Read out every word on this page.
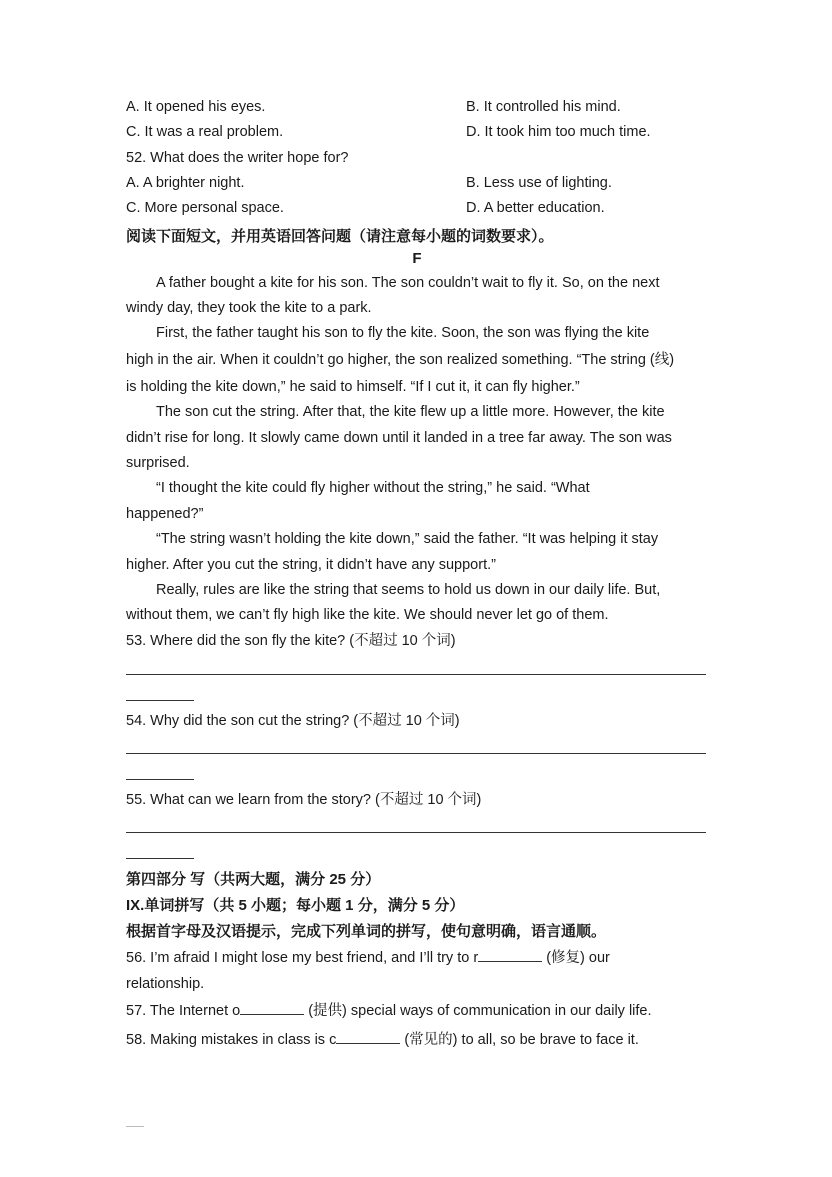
A. It opened his eyes.	B. It controlled his mind.
C. It was a real problem.	D. It took him too much time.
52. What does the writer hope for?
A. A brighter night.	B. Less use of lighting.
C. More personal space.	D. A better education.
阅读下面短文，并用英语回答问题（请注意每小题的词数要求）。
F
A father bought a kite for his son. The son couldn’t wait to fly it. So, on the next
windy day, they took the kite to a park.
First, the father taught his son to fly the kite. Soon, the son was flying the kite
high in the air. When it couldn’t go higher, the son realized something. “The string (线)
is holding the kite down,” he said to himself. “If I cut it, it can fly higher.”
The son cut the string. After that, the kite flew up a little more. However, the kite
didn’t rise for long. It slowly came down until it landed in a tree far away. The son was
surprised.
“I thought the kite could fly higher without the string,” he said. “What
happened?”
“The string wasn’t holding the kite down,” said the father. “It was helping it stay
higher. After you cut the string, it didn’t have any support.”
Really, rules are like the string that seems to hold us down in our daily life. But,
without them, we can’t fly high like the kite. We should never let go of them.
53. Where did the son fly the kite? (不超过 10 个词)
54. Why did the son cut the string? (不超过 10 个词)
55. What can we learn from the story? (不超过 10 个词)
第四部分 写（共两大题，满分 25 分）
IX.单词拼写（共 5 小题；每小题 1 分，满分 5 分）
根据首字母及汉语提示，完成下列单词的拼写，使句意明确，语言通顺。
56. I’m afraid I might lose my best friend, and I’ll try to r	(修复) our
relationship.
57. The Internet o	(提供) special ways of communication in our daily life.
58. Making mistakes in class is c	(常见的) to all, so be brave to face it.
